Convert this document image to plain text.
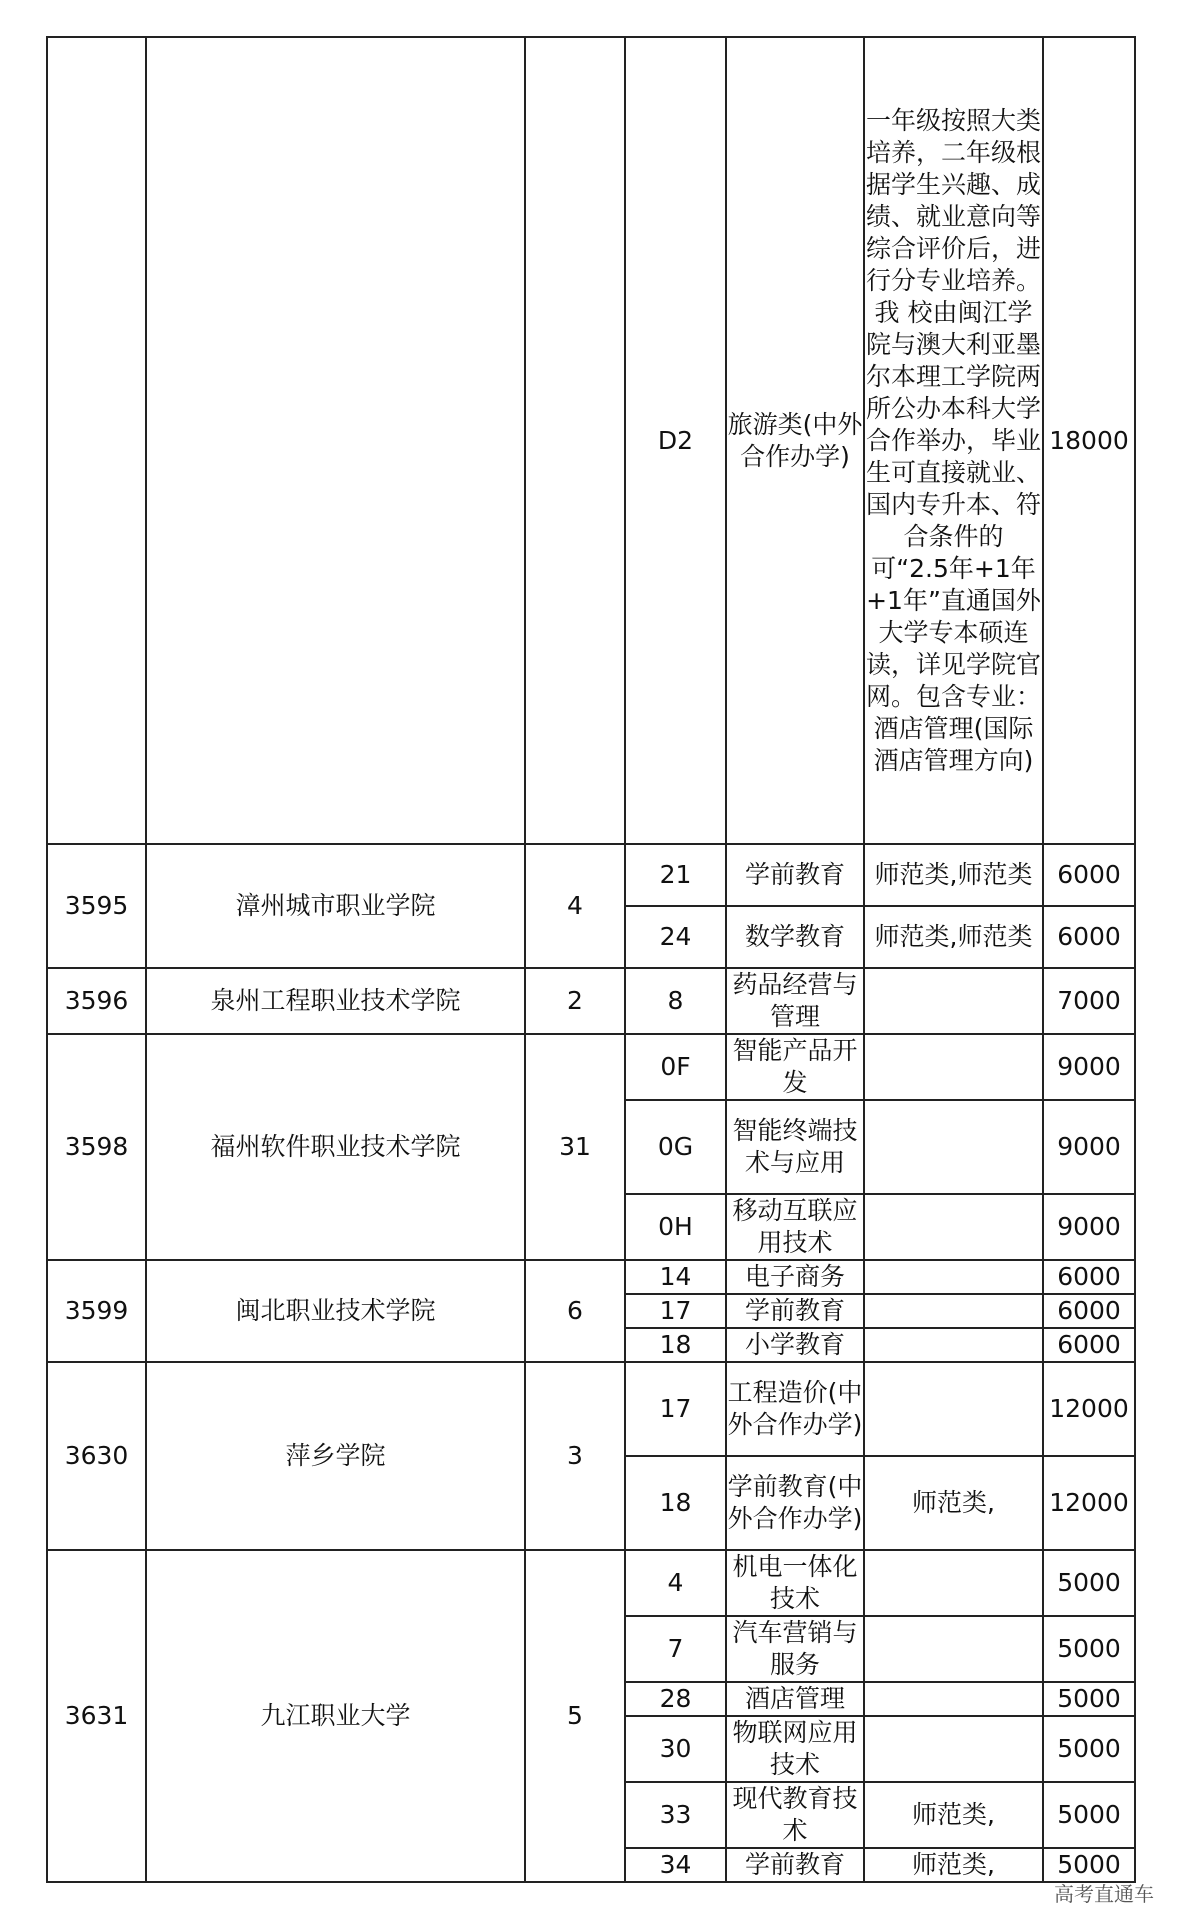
			D2	旅游类(中外合作办学)	一年级按照大类培养，二年级根据学生兴趣、成绩、就业意向等综合评价后，进行分专业培养。 我 校由闽江学院与澳大利亚墨尔本理工学院两所公办本科大学合作举办，毕业生可直接就业、国内专升本、符合条件的可“2.5年+1年+1年”直通国外大学专本硕连读，详见学院官网。包含专业：酒店管理(国际酒店管理方向)	18000
3595	漳州城市职业学院	4	21	学前教育	师范类,师范类	6000
			24	数学教育	师范类,师范类	6000
3596	泉州工程职业技术学院	2	8	药品经营与管理		7000
3598	福州软件职业技术学院	31	0F	智能产品开发		9000
			0G	智能终端技术与应用		9000
			0H	移动互联应用技术		9000
3599	闽北职业技术学院	6	14	电子商务		6000
			17	学前教育		6000
			18	小学教育		6000
3630	萍乡学院	3	17	工程造价(中外合作办学)		12000
			18	学前教育(中外合作办学)	师范类,	12000
3631	九江职业大学	5	4	机电一体化技术		5000
			7	汽车营销与服务		5000
			28	酒店管理		5000
			30	物联网应用技术		5000
			33	现代教育技术	师范类,	5000
			34	学前教育	师范类,	5000
高考直通车
